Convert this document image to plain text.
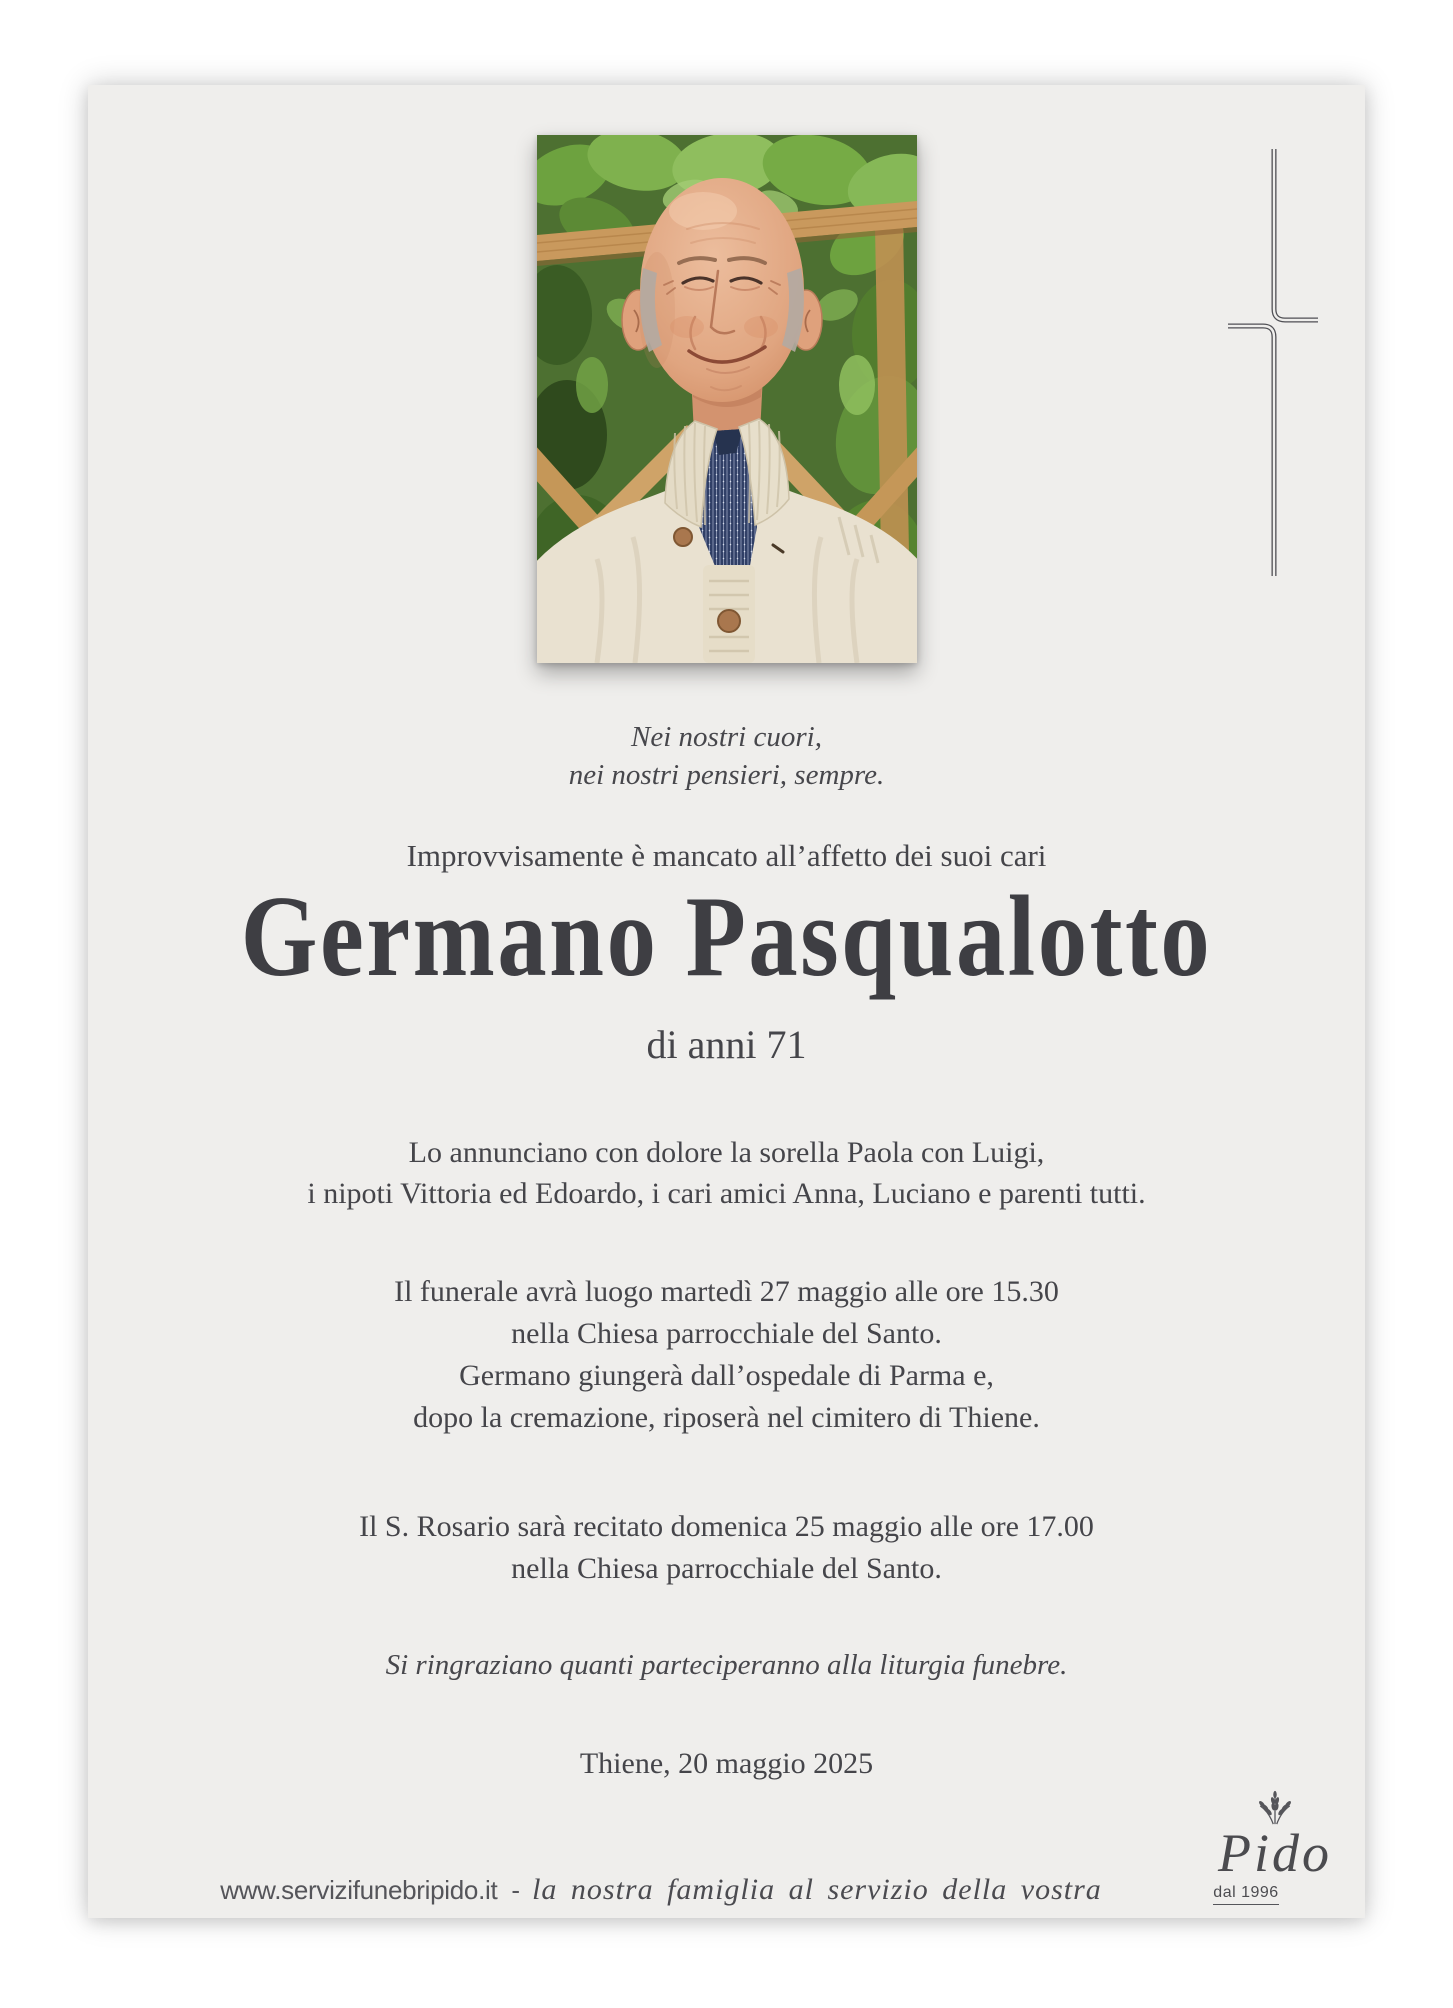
Nei nostri cuori,
nei nostri pensieri, sempre.

Improvvisamente è mancato all’affetto dei suoi cari

Germano Pasqualotto

di anni 71

Lo annunciano con dolore la sorella Paola con Luigi,
i nipoti Vittoria ed Edoardo, i cari amici Anna, Luciano e parenti tutti.

Il funerale avrà luogo martedì 27 maggio alle ore 15.30
nella Chiesa parrocchiale del Santo.
Germano giungerà dall’ospedale di Parma e,
dopo la cremazione, riposerà nel cimitero di Thiene.

Il S. Rosario sarà recitato domenica 25 maggio alle ore 17.00
nella Chiesa parrocchiale del Santo.

Si ringraziano quanti parteciperanno alla liturgia funebre.

Thiene, 20 maggio 2025

www.servizifunebripido.it - la nostra famiglia al servizio della vostra

Pido
dal 1996
